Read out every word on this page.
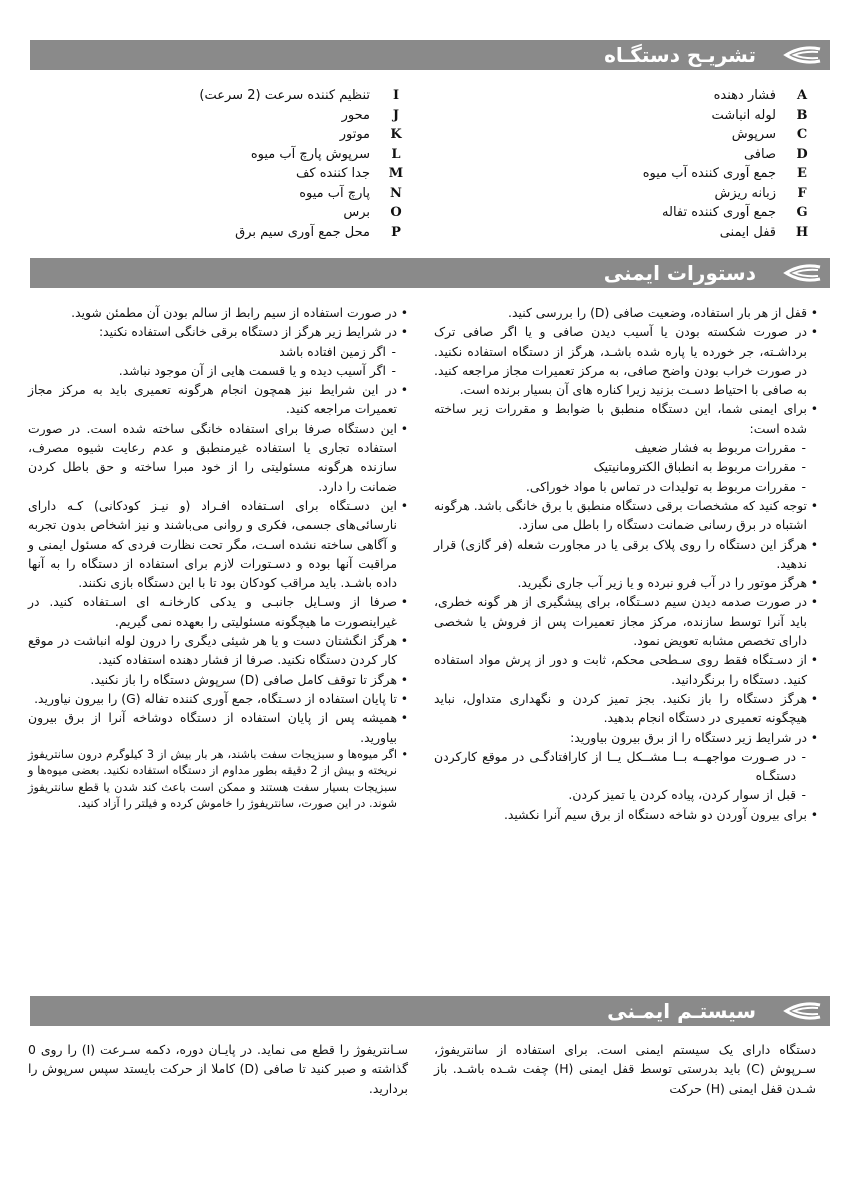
تشریـح دستگـاه
A
فشار دهنده
B
لوله انباشت
C
سرپوش
D
صافی
E
جمع آوری کننده آب میوه
F
زبانه ریزش
G
جمع آوری کننده تفاله
H
قفل ایمنی
I
تنظیم کننده سرعت (2 سرعت)
J
محور
K
موتور
L
سرپوش پارچ آب میوه
M
جدا کننده کف
N
پارچ آب میوه
O
برس
P
محل جمع آوری سیم برق
دستورات ایمنی
• قفل از هر بار استفاده، وضعیت صافی (D) را بررسی کنید.
• در صورت شکسته بودن یا آسیب دیدن صافی و یا اگر صافی ترک برداشـته، جر خورده یا پاره شده باشـد، هرگز از دستگاه استفاده نکنید. در صورت خراب بودن واضح صافی، به مرکز تعمیرات مجاز مراجعه کنید. به صافی با احتیاط دسـت بزنید زیرا کناره های آن بسیار برنده است.
• برای ایمنی شما، این دستگاه منطبق با ضوابط و مقررات زیر ساخته شده است:
- مقررات مربوط به فشار ضعیف
- مقررات مربوط به انطباق الکترومانیتیک
- مقررات مربوط به تولیدات در تماس با مواد خوراکی.
• توجه کنید که مشخصات برقی دستگاه منطبق با برق خانگی باشد. هرگونه اشتباه در برق رسانی ضمانت دستگاه را باطل می سازد.
• هرگز این دستگاه را روی پلاک برقی یا در مجاورت شعله (فر گازی) قرار ندهید.
• هرگز موتور را در آب فرو نبرده و یا زیر آب جاری نگیرید.
• در صورت صدمه دیدن سیم دسـتگاه، برای پیشگیری از هر گونه خطری، باید آنرا توسط سازنده، مرکز مجاز تعمیرات پس از فروش یا شخصی دارای تخصص مشابه تعویض نمود.
• از دسـتگاه فقط روی سـطحی محکم، ثابت و دور از پرش مواد استفاده کنید. دستگاه را برنگردانید.
• هرگز دستگاه را باز نکنید. بجز تمیز کردن و نگهداری متداول، نباید هیچگونه تعمیری در دستگاه انجام بدهید.
• در شرایط زیر دستگاه را از برق بیرون بیاورید:
- در صـورت مواجهــه بــا مشــکل یــا از کارافتادگـی در موقع کارکردن دستگـاه
- قبل از سوار کردن، پیاده کردن یا تمیز کردن.
• برای بیرون آوردن دو شاخه دستگاه از برق سیم آنرا نکشید.
• در صورت استفاده از سیم رابط از سالم بودن آن مطمئن شوید.
• در شرایط زیر هرگز از دستگاه برقی خانگی استفاده نکنید:
- اگر زمین افتاده باشد
- اگر آسیب دیده و یا قسمت هایی از آن موجود نباشد.
• در این شرایط نیز همچون انجام هرگونه تعمیری باید به مرکز مجاز تعمیرات مراجعه کنید.
• این دستگاه صرفا برای استفاده خانگی ساخته شده است. در صورت استفاده تجاری یا استفاده غیرمنطبق و عدم رعایت شیوه مصرف، سازنده هرگونه مسئولیتی را از خود مبرا ساخته و حق باطل کردن ضمانت را دارد.
• این دسـتگاه برای اسـتفاده افـراد (و نیـز کودکانی) کـه دارای نارسائی‌های جسمی، فکری و روانی می‌باشند و نیز اشخاص بدون تجربه و آگاهی ساخته نشده اسـت، مگر تحت نظارت فردی که مسئول ایمنی و مراقبت آنها بوده و دسـتورات لازم برای استفاده از دستگاه را به آنها داده باشـد. باید مراقب کودکان بود تا با این دستگاه بازی نکنند.
• صرفا از وسـایل جانبـی و یدکی کارخانـه ای اسـتفاده کنید. در غیراینصورت ما هیچگونه مسئولیتی را بعهده نمی گیریم.
• هرگز انگشتان دست و یا هر شیئی دیگری را درون لوله انباشت در موقع کار کردن دستگاه نکنید. صرفا از فشار دهنده استفاده کنید.
• هرگز تا توقف کامل صافی (D) سرپوش دستگاه را باز نکنید.
• تا پایان استفاده از دسـتگاه، جمع آوری کننده تفاله (G) را بیرون نیاورید.
• همیشه پس از پایان استفاده از دستگاه دوشاخه آنرا از برق بیرون بیاورید.
• اگر میوه‌ها و سبزیجات سفت باشند، هر بار بیش از 3 کیلوگرم درون سانتریفوژ نریخته و بیش از 2 دقیقه بطور مداوم از دستگاه استفاده نکنید. بعضی میوه‌ها و سبزیجات بسیار سفت هستند و ممکن است باعث کند شدن یا قطع سانتریفوژ شوند. در این صورت، سانتریفوژ را خاموش کرده و فیلتر را آزاد کنید.
سیستـم ایمـنی
دستگاه دارای یک سیستم ایمنی است. برای استفاده از سانتریفوژ، سـرپوش (C) باید بدرستی توسط قفل ایمنی (H) چفت شـده باشـد. باز شـدن قفل ایمنی (H) حرکت
سـانتریفوژ را قطع می نماید. در پایـان دوره، دکمه سـرعت (I) را روی 0 گذاشته و صبر کنید تا صافی (D) کاملا از حرکت بایستد سپس سرپوش را بردارید.
